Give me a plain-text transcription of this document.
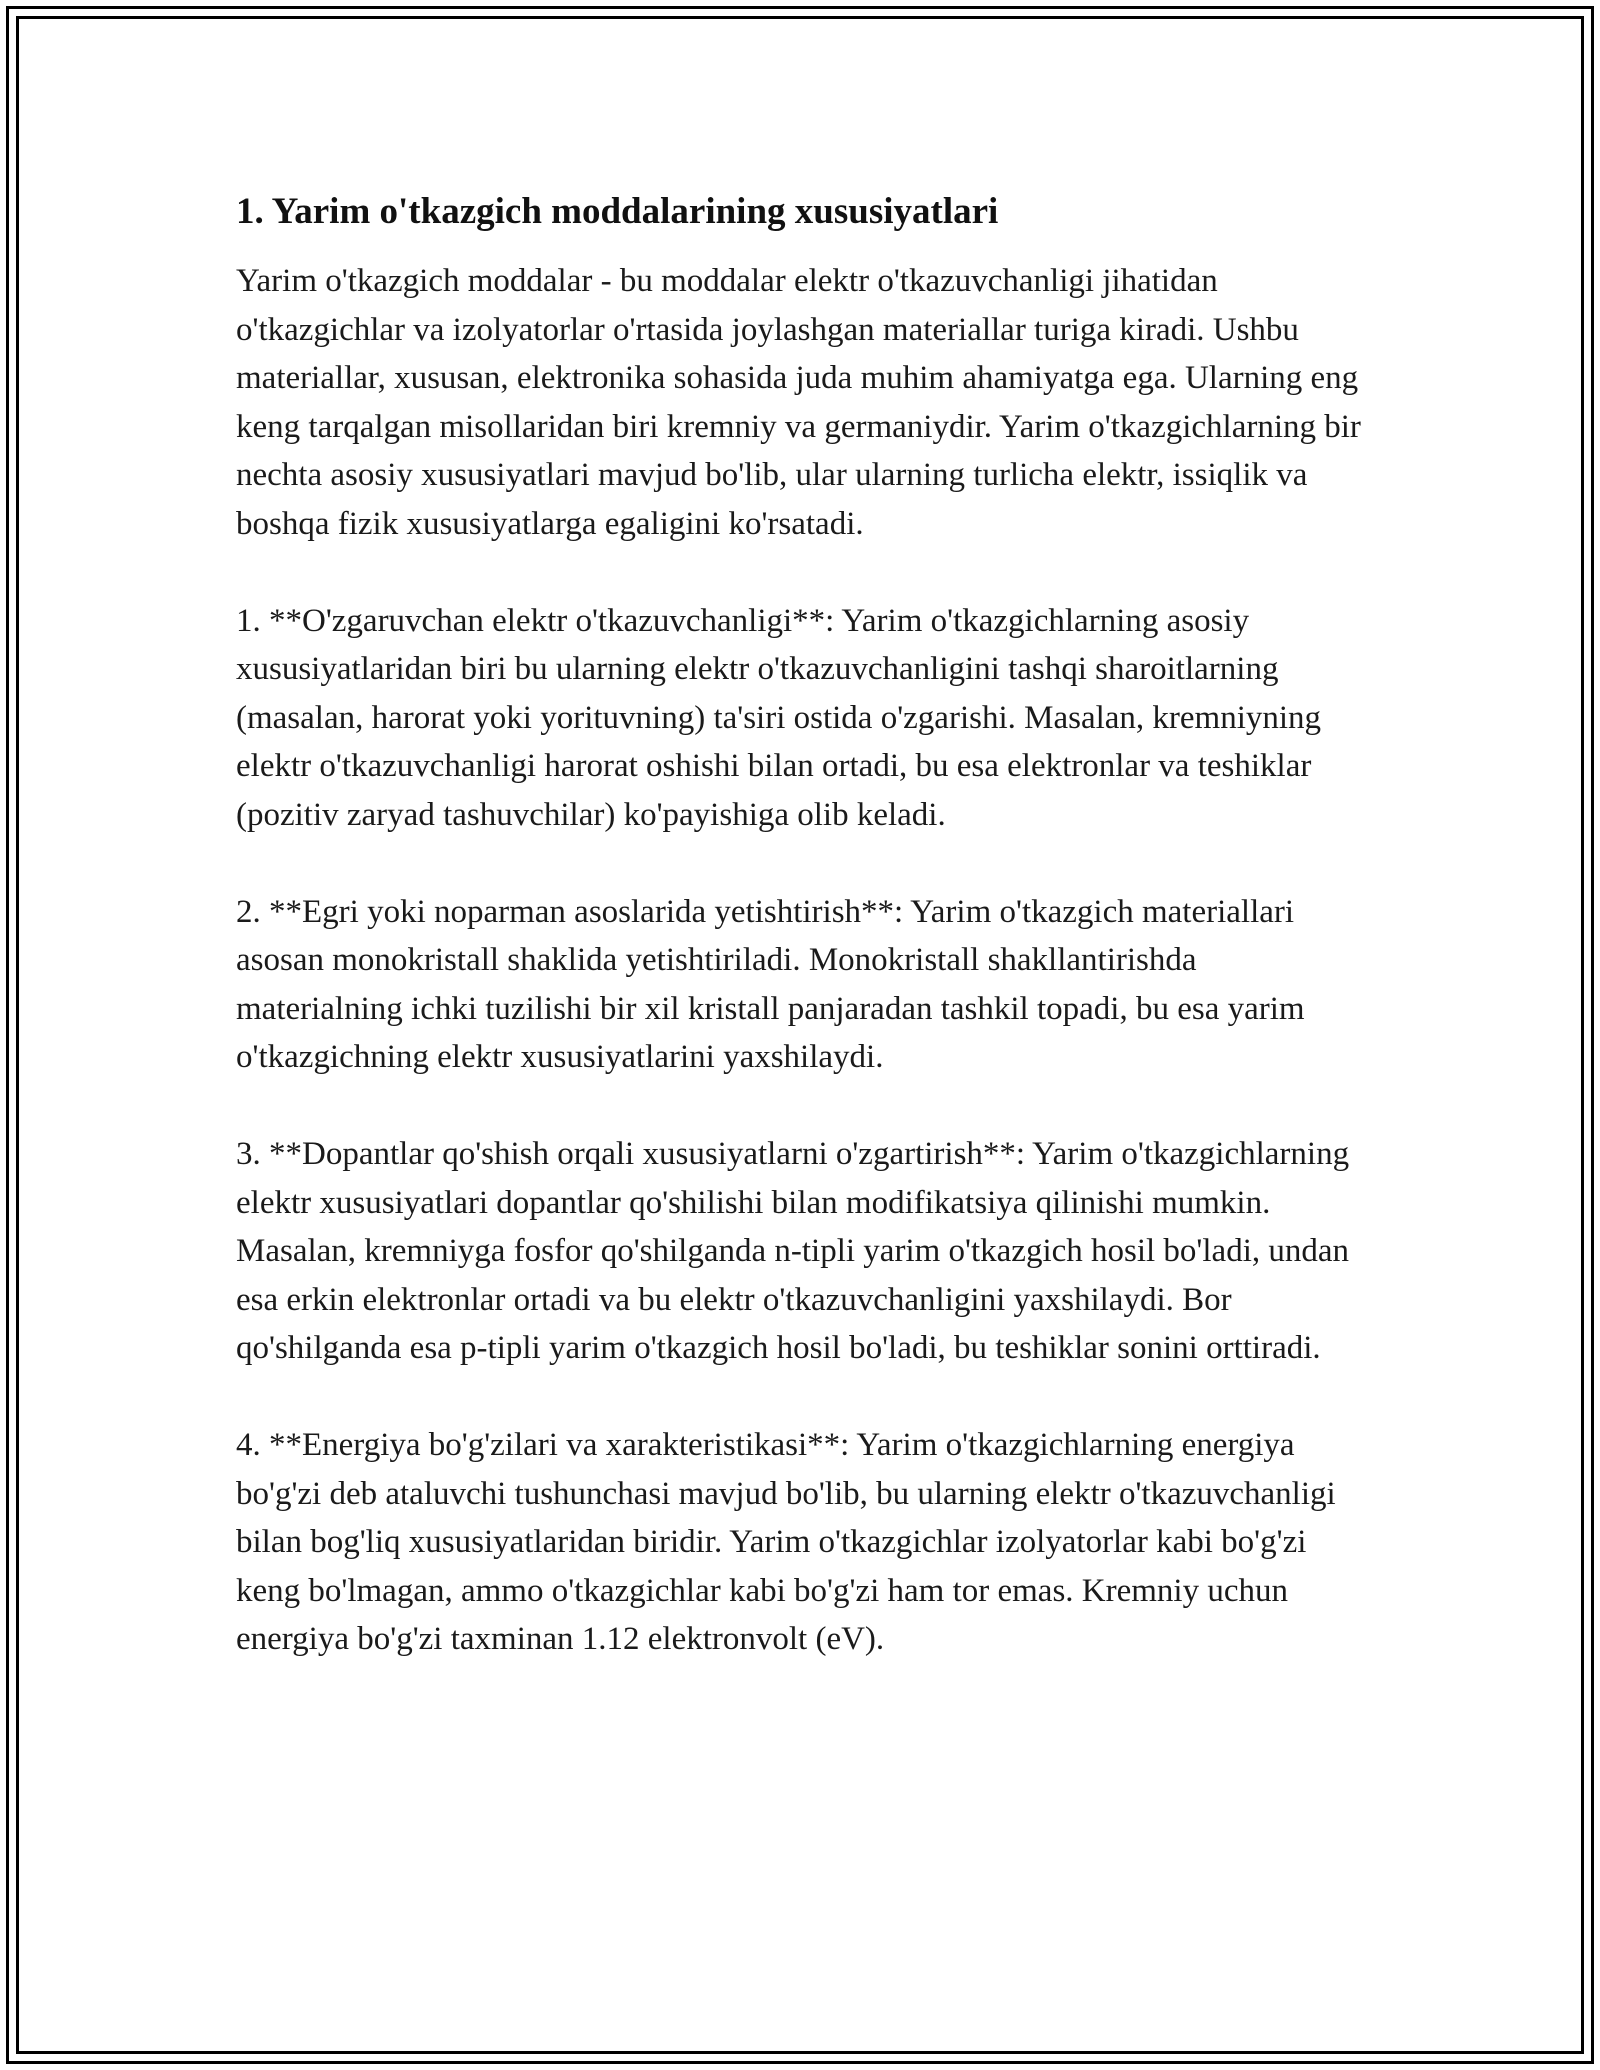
1. Yarim o'tkazgich moddalarining xususiyatlari

Yarim o'tkazgich moddalar - bu moddalar elektr o'tkazuvchanligi jihatidan o'tkazgichlar va izolyatorlar o'rtasida joylashgan materiallar turiga kiradi. Ushbu materiallar, xususan, elektronika sohasida juda muhim ahamiyatga ega. Ularning eng keng tarqalgan misollaridan biri kremniy va germaniydir. Yarim o'tkazgichlarning bir nechta asosiy xususiyatlari mavjud bo'lib, ular ularning turlicha elektr, issiqlik va boshqa fizik xususiyatlarga egaligini ko'rsatadi.

1. **O'zgaruvchan elektr o'tkazuvchanligi**: Yarim o'tkazgichlarning asosiy xususiyatlaridan biri bu ularning elektr o'tkazuvchanligini tashqi sharoitlarning (masalan, harorat yoki yorituvning) ta'siri ostida o'zgarishi. Masalan, kremniyning elektr o'tkazuvchanligi harorat oshishi bilan ortadi, bu esa elektronlar va teshiklar (pozitiv zaryad tashuvchilar) ko'payishiga olib keladi.

2. **Egri yoki noparman asoslarida yetishtirish**: Yarim o'tkazgich materiallari asosan monokristall shaklida yetishtiriladi. Monokristall shakllantirishda materialning ichki tuzilishi bir xil kristall panjaradan tashkil topadi, bu esa yarim o'tkazgichning elektr xususiyatlarini yaxshilaydi.

3. **Dopantlar qo'shish orqali xususiyatlarni o'zgartirish**: Yarim o'tkazgichlarning elektr xususiyatlari dopantlar qo'shilishi bilan modifikatsiya qilinishi mumkin. Masalan, kremniyga fosfor qo'shilganda n-tipli yarim o'tkazgich hosil bo'ladi, undan esa erkin elektronlar ortadi va bu elektr o'tkazuvchanligini yaxshilaydi. Bor qo'shilganda esa p-tipli yarim o'tkazgich hosil bo'ladi, bu teshiklar sonini orttiradi.

4. **Energiya bo'g'zilari va xarakteristikasi**: Yarim o'tkazgichlarning energiya bo'g'zi deb ataluvchi tushunchasi mavjud bo'lib, bu ularning elektr o'tkazuvchanligi bilan bog'liq xususiyatlaridan biridir. Yarim o'tkazgichlar izolyatorlar kabi bo'g'zi keng bo'lmagan, ammo o'tkazgichlar kabi bo'g'zi ham tor emas. Kremniy uchun energiya bo'g'zi taxminan 1.12 elektronvolt (eV).
